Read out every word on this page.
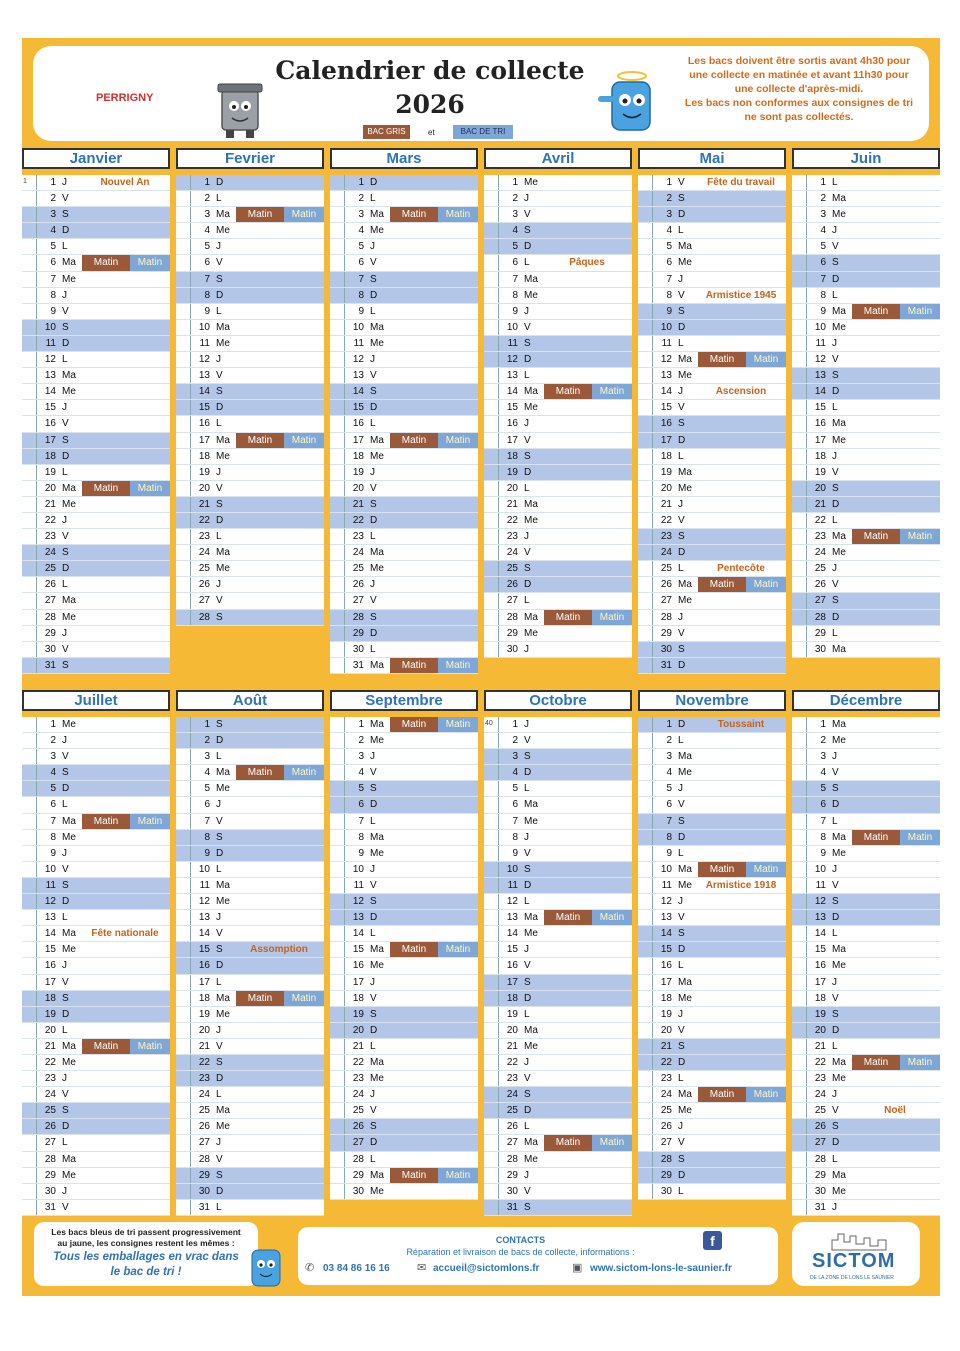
PERRIGNY
Calendrier de collecte
2026
BAC GRIS	et	BAC DE TRI
Les bacs doivent être sortis avant 4h30 pour
une collecte en matinée et avant 11h30 pour
une collecte d'après-midi.
Les bacs non conformes aux consignes de tri
ne sont pas collectés.
Janvier
1	1 J	Nouvel An
2 V
3 S
4 D
5 L
6 Ma	Matin	Matin
7 Me
8 J
9 V
10 S
11 D
12 L
13 Ma
14 Me
15 J
16 V
17 S
18 D
19 L
20 Ma	Matin	Matin
21 Me
22 J
23 V
24 S
25 D
26 L
27 Ma
28 Me
29 J
30 V
31 S
Fevrier
1 D
2 L
3 Ma	Matin	Matin
4 Me
5 J
6 V
7 S
8 D
9 L
10 Ma
11 Me
12 J
13 V
14 S
15 D
16 L
17 Ma	Matin	Matin
18 Me
19 J
20 V
21 S
22 D
23 L
24 Ma
25 Me
26 J
27 V
28 S
Mars
1 D
2 L
3 Ma	Matin	Matin
4 Me
5 J
6 V
7 S
8 D
9 L
10 Ma
11 Me
12 J
13 V
14 S
15 D
16 L
17 Ma	Matin	Matin
18 Me
19 J
20 V
21 S
22 D
23 L
24 Ma
25 Me
26 J
27 V
28 S
29 D
30 L
31 Ma	Matin	Matin
Avril
1 Me
2 J
3 V
4 S
5 D
6 L	Pâques
7 Ma
8 Me
9 J
10 V
11 S
12 D
13 L
14 Ma	Matin	Matin
15 Me
16 J
17 V
18 S
19 D
20 L
21 Ma
22 Me
23 J
24 V
25 S
26 D
27 L
28 Ma	Matin	Matin
29 Me
30 J
Mai
1 V	Fête du travail
2 S
3 D
4 L
5 Ma
6 Me
7 J
8 V	Armistice 1945
9 S
10 D
11 L
12 Ma	Matin	Matin
13 Me
14 J	Ascension
15 V
16 S
17 D
18 L
19 Ma
20 Me
21 J
22 V
23 S
24 D
25 L	Pentecôte
26 Ma	Matin	Matin
27 Me
28 J
29 V
30 S
31 D
Juin
1 L
2 Ma
3 Me
4 J
5 V
6 S
7 D
8 L
9 Ma	Matin	Matin
10 Me
11 J
12 V
13 S
14 D
15 L
16 Ma
17 Me
18 J
19 V
20 S
21 D
22 L
23 Ma	Matin	Matin
24 Me
25 J
26 V
27 S
28 D
29 L
30 Ma
Juillet
1 Me
2 J
3 V
4 S
5 D
6 L
7 Ma	Matin	Matin
8 Me
9 J
10 V
11 S
12 D
13 L
14 Ma	Fête nationale
15 Me
16 J
17 V
18 S
19 D
20 L
21 Ma	Matin	Matin
22 Me
23 J
24 V
25 S
26 D
27 L
28 Ma
29 Me
30 J
31 V
Août
1 S
2 D
3 L
4 Ma	Matin	Matin
5 Me
6 J
7 V
8 S
9 D
10 L
11 Ma
12 Me
13 J
14 V
15 S	Assomption
16 D
17 L
18 Ma	Matin	Matin
19 Me
20 J
21 V
22 S
23 D
24 L
25 Ma
26 Me
27 J
28 V
29 S
30 D
31 L
Septembre
1 Ma	Matin	Matin
2 Me
3 J
4 V
5 S
6 D
7 L
8 Ma
9 Me
10 J
11 V
12 S
13 D
14 L
15 Ma	Matin	Matin
16 Me
17 J
18 V
19 S
20 D
21 L
22 Ma
23 Me
24 J
25 V
26 S
27 D
28 L
29 Ma	Matin	Matin
30 Me
Octobre
40	1 J
2 V
3 S
4 D
5 L
6 Ma
7 Me
8 J
9 V
10 S
11 D
12 L
13 Ma	Matin	Matin
14 Me
15 J
16 V
17 S
18 D
19 L
20 Ma
21 Me
22 J
23 V
24 S
25 D
26 L
27 Ma	Matin	Matin
28 Me
29 J
30 V
31 S
Novembre
1 D	Toussaint
2 L
3 Ma
4 Me
5 J
6 V
7 S
8 D
9 L
10 Ma	Matin	Matin
11 Me	Armistice 1918
12 J
13 V
14 S
15 D
16 L
17 Ma
18 Me
19 J
20 V
21 S
22 D
23 L
24 Ma	Matin	Matin
25 Me
26 J
27 V
28 S
29 D
30 L
Décembre
1 Ma
2 Me
3 J
4 V
5 S
6 D
7 L
8 Ma	Matin	Matin
9 Me
10 J
11 V
12 S
13 D
14 L
15 Ma
16 Me
17 J
18 V
19 S
20 D
21 L
22 Ma	Matin	Matin
23 Me
24 J
25 V	Noël
26 S
27 D
28 L
29 Ma
30 Me
31 J
Les bacs bleus de tri passent progressivement
au jaune, les consignes restent les mêmes :
Tous les emballages en vrac dans
le bac de tri !
CONTACTS
Réparation et livraison de bacs de collecte, informations :
f
✆ 03 84 86 16 16 ✉ accueil@sictomlons.fr	▣ www.sictom-lons-le-saunier.fr	SICTOM
DE LA ZONE DE LONS LE SAUNIER
